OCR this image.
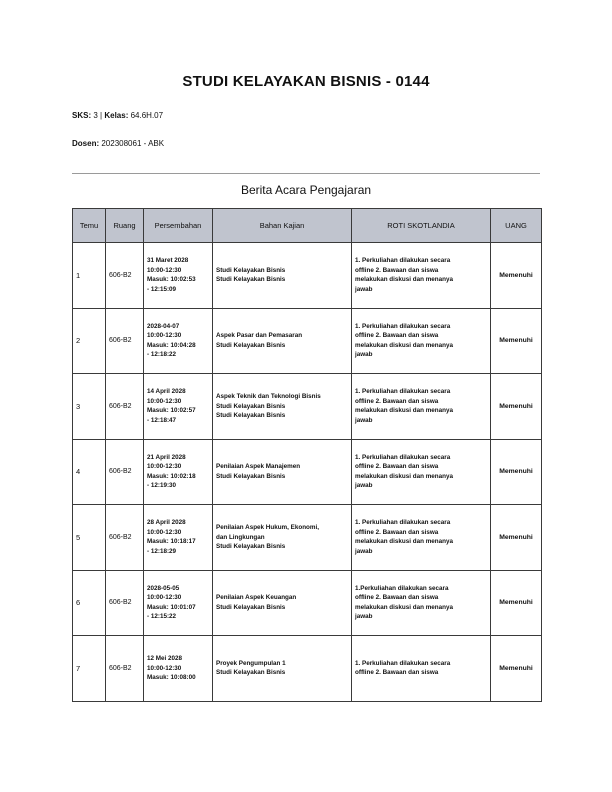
STUDI KELAYAKAN BISNIS - 0144
SKS: 3 | Kelas: 64.6H.07
Dosen: 202308061 - ABK
Berita Acara Pengajaran
Temu	Ruang	Persembahan	Bahan Kajian	ROTI SKOTLANDIA	UANG
1	606-B2	31 Maret 2028
10:00-12:30
Masuk: 10:02:53
- 12:15:09	Studi Kelayakan Bisnis
Studi Kelayakan Bisnis	1. Perkuliahan dilakukan secara
offline 2. Bawaan dan siswa
melakukan diskusi dan menanya
jawab	Memenuhi
2	606-B2	2028-04-07
10:00-12:30
Masuk: 10:04:28
- 12:18:22	Aspek Pasar dan Pemasaran
Studi Kelayakan Bisnis	1. Perkuliahan dilakukan secara
offline 2. Bawaan dan siswa
melakukan diskusi dan menanya
jawab	Memenuhi
3	606-B2	14 April 2028
10:00-12:30
Masuk: 10:02:57
- 12:18:47	Aspek Teknik dan Teknologi Bisnis
Studi Kelayakan Bisnis
Studi Kelayakan Bisnis	1. Perkuliahan dilakukan secara
offline 2. Bawaan dan siswa
melakukan diskusi dan menanya
jawab	Memenuhi
4	606-B2	21 April 2028
10:00-12:30
Masuk: 10:02:18
- 12:19:30	Penilaian Aspek Manajemen
Studi Kelayakan Bisnis	1. Perkuliahan dilakukan secara
offline 2. Bawaan dan siswa
melakukan diskusi dan menanya
jawab	Memenuhi
5	606-B2	28 April 2028
10:00-12:30
Masuk: 10:18:17
- 12:18:29	Penilaian Aspek Hukum, Ekonomi,
dan Lingkungan
Studi Kelayakan Bisnis	1. Perkuliahan dilakukan secara
offline 2. Bawaan dan siswa
melakukan diskusi dan menanya
jawab	Memenuhi
6	606-B2	2028-05-05
10:00-12:30
Masuk: 10:01:07
- 12:15:22	Penilaian Aspek Keuangan
Studi Kelayakan Bisnis	1.Perkuliahan dilakukan secara
offline 2. Bawaan dan siswa
melakukan diskusi dan menanya
jawab	Memenuhi
7	606-B2	12 Mei 2028
10:00-12:30
Masuk: 10:08:00	Proyek Pengumpulan 1
Studi Kelayakan Bisnis	1. Perkuliahan dilakukan secara
offline 2. Bawaan dan siswa	Memenuhi
